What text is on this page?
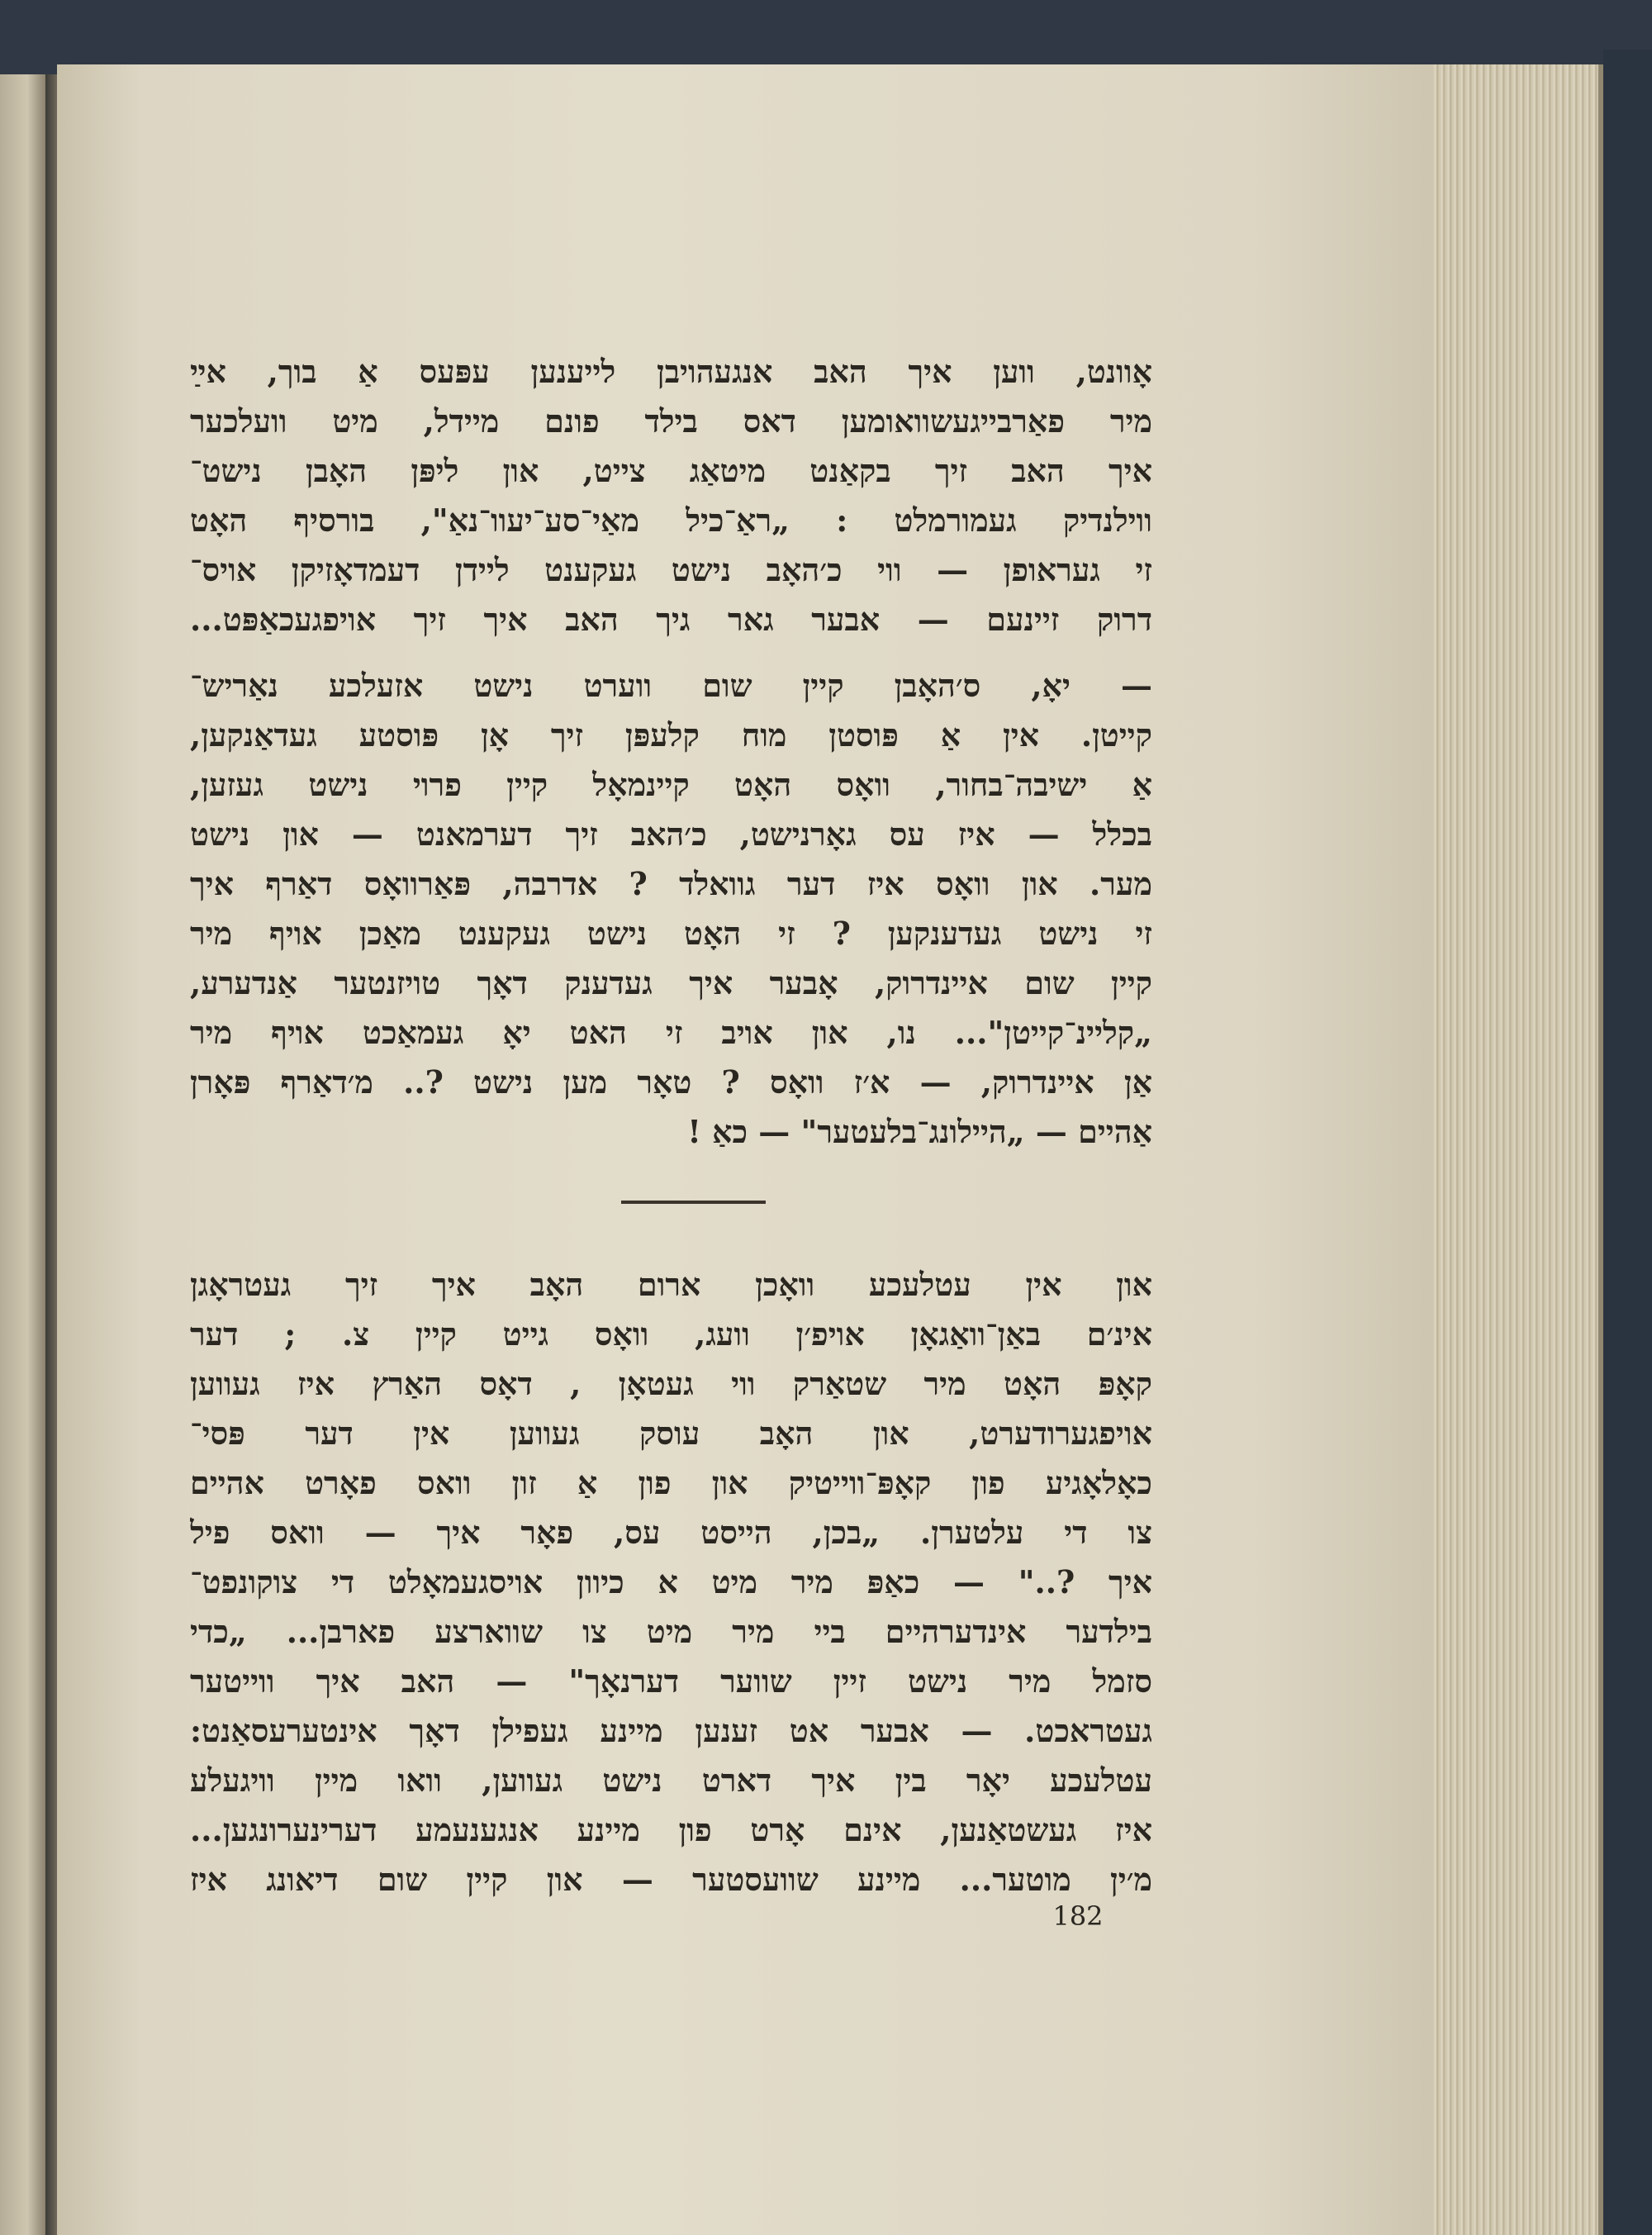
אָוונט, ווען איך האב אנגעהויבן לייענען עפּעס אַ בוך, אײַ
מיר פאַרבייגעשוואומען דאס בילד פונם מיידל, מיט וועלכער
איך האב זיך בקאַנט מיטאַג צייט, און ליפּן האָבן נישט־
ווילנדיק געמורמלט : „ראַ־כיל מאַי־סע־יעוו־נאַ", בורסיף האָט
זי געראופן — ווי כ׳האָב נישט געקענט ליידן דעמדאָזיקן אויס־
דרוק זיינעם — אבער גאר גיך האב איך זיך אויפגעכאַפּט...
— יאָ, ס׳האָבן קיין שום ווערט נישט אזעלכע נאַריש־
קייטן. אין אַ פּוסטן מוח קלעפּן זיך אָן פּוסטע געדאַנקען,
אַ ישיבה־בחור, וואָס האָט קיינמאָל קיין פרוי נישט געזען,
בכלל — איז עס גאָרנישט, כ׳האב זיך דערמאנט — און נישט
מער. און וואָס איז דער גוואלד ? אדרבה, פּאַרוואָס דאַרף איך
זי נישט געדענקען ? זי האָט נישט געקענט מאַכן אויף מיר
קיין שום איינדרוק, אָבער איך געדענק דאָך טויזנטער אַנדערע,
„קליינ־קייטן"... נו, און אויב זי האט יאָ געמאַכט אויף מיר
אַן איינדרוק, — א׳ז וואָס ? טאָר מען נישט ?.. מ׳דאַרף פּאָרן
אַהיים — „היילונג־בלעטער" — כאַ !
און אין עטלעכע וואָכן ארום האָב איך זיך געטראָגן
אינ׳ם באַן־וואַגאָן אויפ׳ן וועג, וואָס גייט קיין צ. ; דער
קאָפּ האָט מיר שטאַרק ווי געטאָן , דאָס האַרץ איז געווען
אויפגערודערט, און האָב עוסק געווען אין דער פּסי־
כאָלאָגיע פון קאָפּ־ווייטיק און פון אַ זון וואס פאָרט אהיים
צו די עלטערן. „בכן, הייסט עס, פאָר איך — וואס פיל
איך ?.." — כאַפּ מיר מיט א כיוון אויסגעמאָלט די צוקונפט־
בילדער אינדערהיים ביי מיר מיט צו שווארצע פארבן... „כדי
סזמל מיר נישט זיין שווער דערנאָך" — האב איך ווייטער
געטראכט. — אבער אט זענען מיינע געפילן דאָך אינטערעסאַנט:
עטלעכע יאָר בין איך דארט נישט געווען, וואו מיין וויגעלע
איז געשטאַנען, אינם אָרט פון מיינע אנגענעמע דערינערונגען...
מ׳ין מוטער... מיינע שוועסטער — און קיין שום דיאונג איז
182
